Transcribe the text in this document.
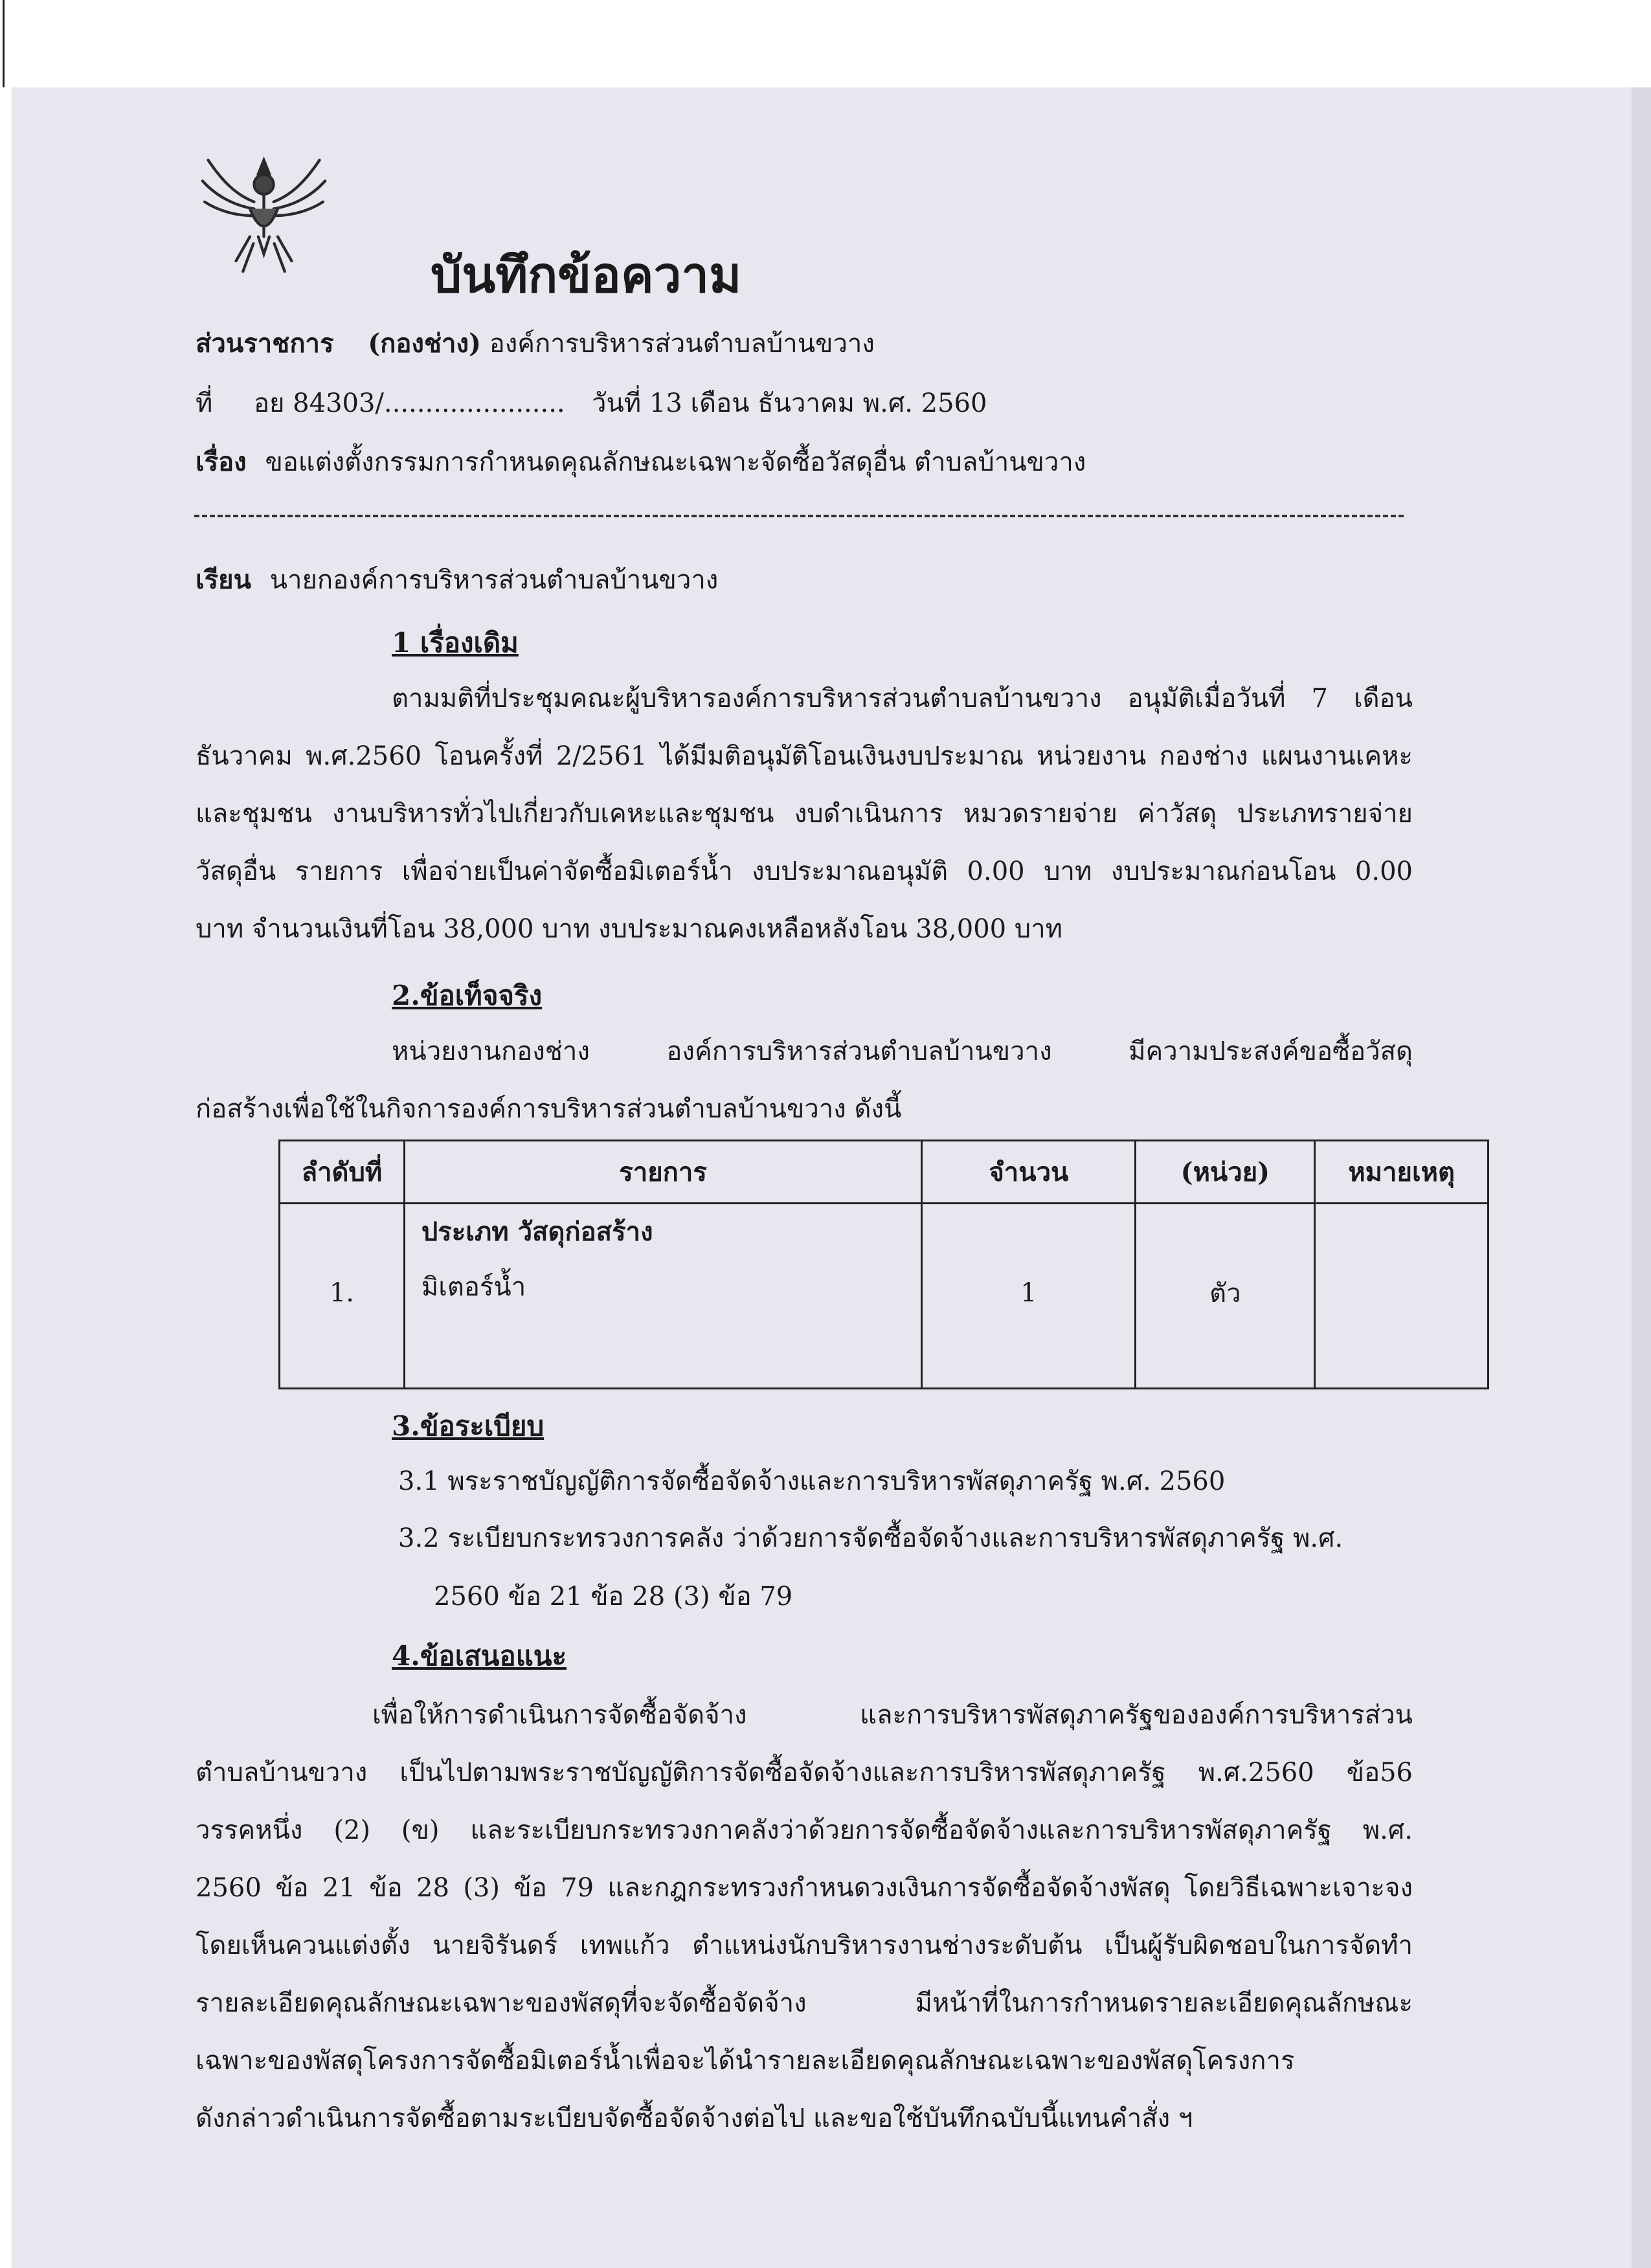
บันทึกข้อความ
ส่วนราชการ (กองช่าง) องค์การบริหารส่วนตำบลบ้านขวาง
ที่ อย 84303/...................... วันที่ 13 เดือน ธันวาคม พ.ศ. 2560
เรื่อง ขอแต่งตั้งกรรมการกำหนดคุณลักษณะเฉพาะจัดซื้อวัสดุอื่น ตำบลบ้านขวาง
เรียน นายกองค์การบริหารส่วนตำบลบ้านขวาง
1 เรื่องเดิม
ตามมติที่ประชุมคณะผู้บริหารองค์การบริหารส่วนตำบลบ้านขวาง อนุมัติเมื่อวันที่ 7 เดือน
ธันวาคม พ.ศ.2560 โอนครั้งที่ 2/2561 ได้มีมติอนุมัติโอนเงินงบประมาณ หน่วยงาน กองช่าง แผนงานเคหะ
และชุมชน งานบริหารทั่วไปเกี่ยวกับเคหะและชุมชน งบดำเนินการ หมวดรายจ่าย ค่าวัสดุ ประเภทรายจ่าย
วัสดุอื่น รายการ เพื่อจ่ายเป็นค่าจัดซื้อมิเตอร์น้ำ งบประมาณอนุมัติ 0.00 บาท งบประมาณก่อนโอน 0.00
บาท จำนวนเงินที่โอน 38,000 บาท งบประมาณคงเหลือหลังโอน 38,000 บาท
2.ข้อเท็จจริง
หน่วยงานกองช่าง องค์การบริหารส่วนตำบลบ้านขวาง มีความประสงค์ขอซื้อวัสดุ
ก่อสร้างเพื่อใช้ในกิจการองค์การบริหารส่วนตำบลบ้านขวาง ดังนี้
ลำดับที่	รายการ	จำนวน	(หน่วย)	หมายเหตุ
1.	ประเภท วัสดุก่อสร้าง
มิเตอร์น้ำ	1	ตัว	
3.ข้อระเบียบ
3.1 พระราชบัญญัติการจัดซื้อจัดจ้างและการบริหารพัสดุภาครัฐ พ.ศ. 2560
3.2 ระเบียบกระทรวงการคลัง ว่าด้วยการจัดซื้อจัดจ้างและการบริหารพัสดุภาครัฐ พ.ศ.
2560 ข้อ 21 ข้อ 28 (3) ข้อ 79
4.ข้อเสนอแนะ
เพื่อให้การดำเนินการจัดซื้อจัดจ้าง และการบริหารพัสดุภาครัฐขององค์การบริหารส่วน
ตำบลบ้านขวาง เป็นไปตามพระราชบัญญัติการจัดซื้อจัดจ้างและการบริหารพัสดุภาครัฐ พ.ศ.2560 ข้อ56
วรรคหนึ่ง (2) (ข) และระเบียบกระทรวงกาคลังว่าด้วยการจัดซื้อจัดจ้างและการบริหารพัสดุภาครัฐ พ.ศ.
2560 ข้อ 21 ข้อ 28 (3) ข้อ 79 และกฎกระทรวงกำหนดวงเงินการจัดซื้อจัดจ้างพัสดุ โดยวิธีเฉพาะเจาะจง
โดยเห็นควนแต่งตั้ง นายจิรันดร์ เทพแก้ว ตำแหน่งนักบริหารงานช่างระดับต้น เป็นผู้รับผิดชอบในการจัดทำ
รายละเอียดคุณลักษณะเฉพาะของพัสดุที่จะจัดซื้อจัดจ้าง มีหน้าที่ในการกำหนดรายละเอียดคุณลักษณะ
เฉพาะของพัสดุโครงการจัดซื้อมิเตอร์น้ำเพื่อจะได้นำรายละเอียดคุณลักษณะเฉพาะของพัสดุโครงการ
ดังกล่าวดำเนินการจัดซื้อตามระเบียบจัดซื้อจัดจ้างต่อไป และขอใช้บันทึกฉบับนี้แทนคำสั่ง ฯ
